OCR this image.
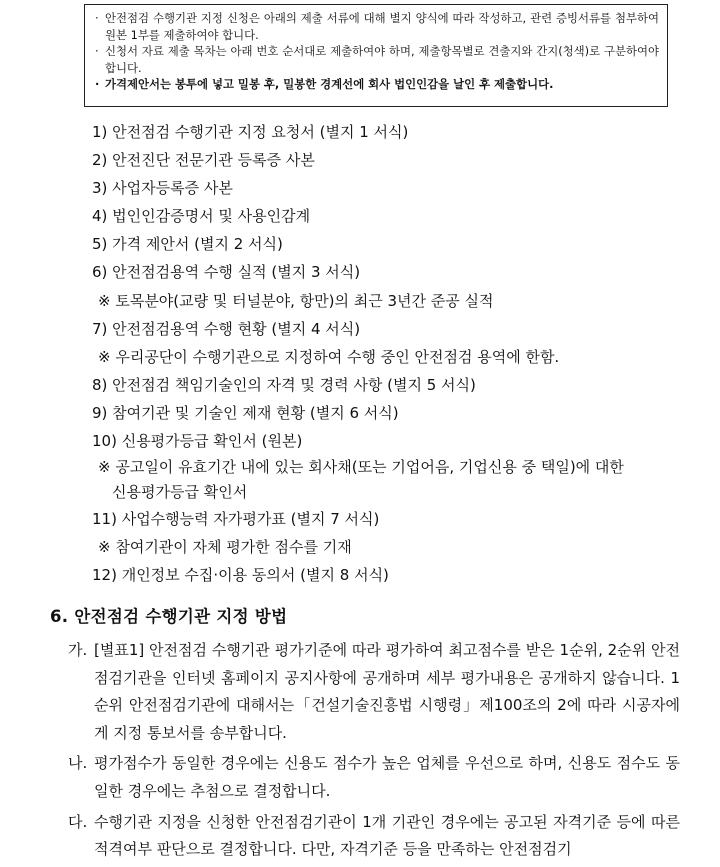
· 안전점검 수행기관 지정 신청은 아래의 제출 서류에 대해 별지 양식에 따라 작성하고, 관련 증빙서류를 첨부하여 원본 1부를 제출하여야 합니다.
· 신청서 자료 제출 목차는 아래 번호 순서대로 제출하여야 하며, 제출항목별로 견출지와 간지(청색)로 구분하여야 합니다.
· 가격제안서는 봉투에 넣고 밀봉 후, 밀봉한 경계선에 회사 법인인감을 날인 후 제출합니다.
1) 안전점검 수행기관 지정 요청서 (별지 1 서식)
2) 안전진단 전문기관 등록증 사본
3) 사업자등록증 사본
4) 법인인감증명서 및 사용인감계
5) 가격 제안서 (별지 2 서식)
6) 안전점검용역 수행 실적 (별지 3 서식)
※ 토목분야(교량 및 터널분야, 항만)의 최근 3년간 준공 실적
7) 안전점검용역 수행 현황 (별지 4 서식)
※ 우리공단이 수행기관으로 지정하여 수행 중인 안전점검 용역에 한함.
8) 안전점검 책임기술인의 자격 및 경력 사항 (별지 5 서식)
9) 참여기관 및 기술인 제재 현황 (별지 6 서식)
10) 신용평가등급 확인서 (원본)
※ 공고일이 유효기간 내에 있는 회사채(또는 기업어음, 기업신용 중 택일)에 대한
신용평가등급 확인서
11) 사업수행능력 자가평가표 (별지 7 서식)
※ 참여기관이 자체 평가한 점수를 기재
12) 개인정보 수집·이용 동의서 (별지 8 서식)
6. 안전점검 수행기관 지정 방법
가. [별표1] 안전점검 수행기관 평가기준에 따라 평가하여 최고점수를 받은 1순위, 2순위 안전점검기관을 인터넷 홈페이지 공지사항에 공개하며 세부 평가내용은 공개하지 않습니다. 1순위 안전점검기관에 대해서는「건설기술진흥법 시행령」제100조의 2에 따라 시공자에게 지정 통보서를 송부합니다.
나. 평가점수가 동일한 경우에는 신용도 점수가 높은 업체를 우선으로 하며, 신용도 점수도 동일한 경우에는 추첨으로 결정합니다.
다. 수행기관 지정을 신청한 안전점검기관이 1개 기관인 경우에는 공고된 자격기준 등에 따른 적격여부 판단으로 결정합니다. 다만, 자격기준 등을 만족하는 안전점검기
